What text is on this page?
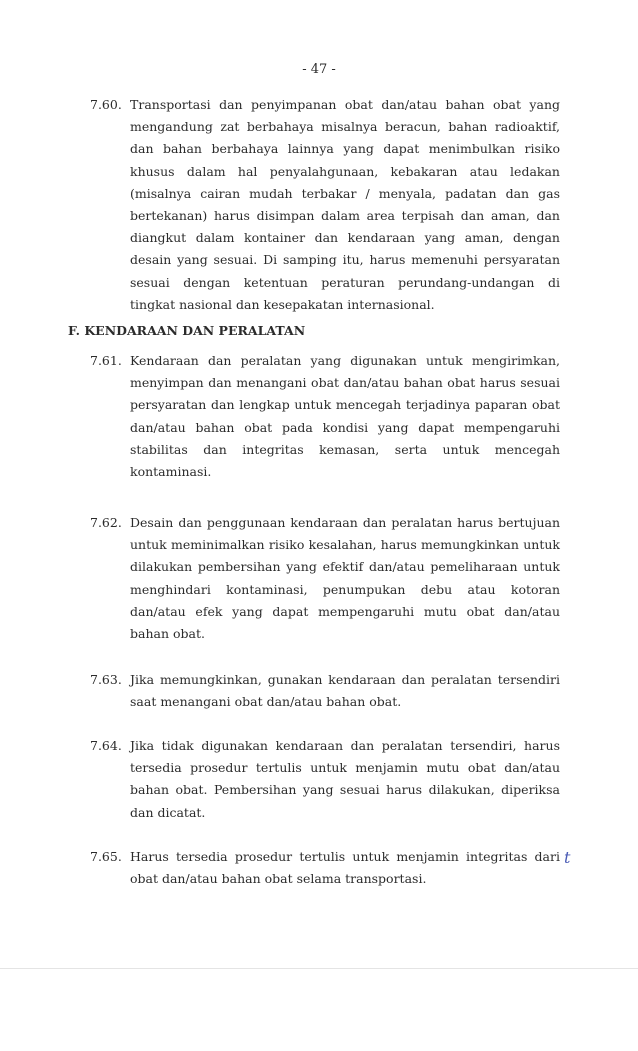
- 47 -
7.60. Transportasi dan penyimpanan obat dan/atau bahan obat yang mengandung zat berbahaya misalnya beracun, bahan radioaktif, dan bahan berbahaya lainnya yang dapat menimbulkan risiko khusus dalam hal penyalahgunaan, kebakaran atau ledakan (misalnya cairan mudah terbakar / menyala, padatan dan gas bertekanan) harus disimpan dalam area terpisah dan aman, dan diangkut dalam kontainer dan kendaraan yang aman, dengan desain yang sesuai. Di samping itu, harus memenuhi persyaratan sesuai dengan ketentuan peraturan perundang-undangan di tingkat nasional dan kesepakatan internasional.
F. KENDARAAN DAN PERALATAN
7.61. Kendaraan dan peralatan yang digunakan untuk mengirimkan, menyimpan dan menangani obat dan/atau bahan obat harus sesuai persyaratan dan lengkap untuk mencegah terjadinya paparan obat dan/atau bahan obat pada kondisi yang dapat mempengaruhi stabilitas dan integritas kemasan, serta untuk mencegah kontaminasi.
7.62. Desain dan penggunaan kendaraan dan peralatan harus bertujuan untuk meminimalkan risiko kesalahan, harus memungkinkan untuk dilakukan pembersihan yang efektif dan/atau pemeliharaan untuk menghindari kontaminasi, penumpukan debu atau kotoran dan/atau efek yang dapat mempengaruhi mutu obat dan/atau bahan obat.
7.63. Jika memungkinkan, gunakan kendaraan dan peralatan tersendiri saat menangani obat dan/atau bahan obat.
7.64. Jika tidak digunakan kendaraan dan peralatan tersendiri, harus tersedia prosedur tertulis untuk menjamin mutu obat dan/atau bahan obat. Pembersihan yang sesuai harus dilakukan, diperiksa dan dicatat.
7.65. Harus tersedia prosedur tertulis untuk menjamin integritas dari obat dan/atau bahan obat selama transportasi.
t
